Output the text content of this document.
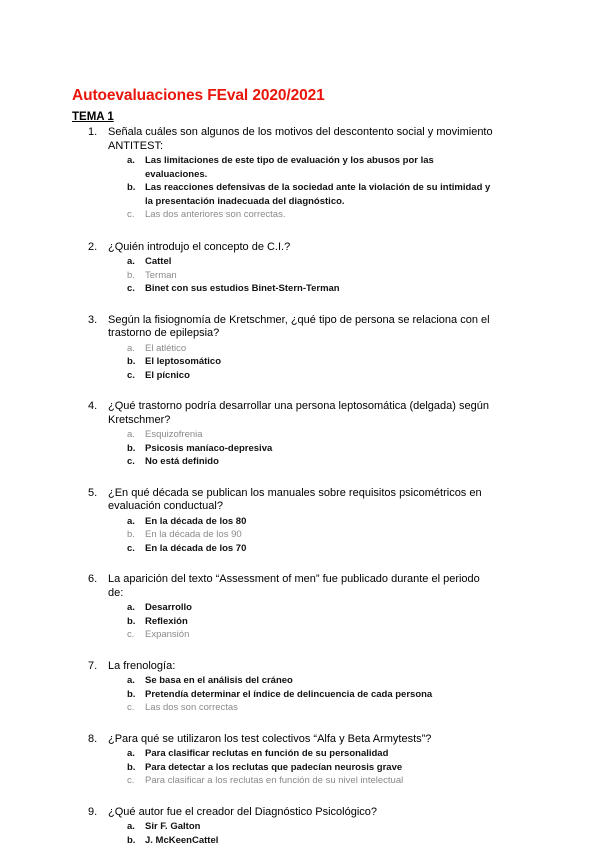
Autoevaluaciones FEval 2020/2021
TEMA 1
1. Señala cuáles son algunos de los motivos del descontento social y movimiento ANTITEST:
a. Las limitaciones de este tipo de evaluación y los abusos por las evaluaciones.
b. Las reacciones defensivas de la sociedad ante la violación de su intimidad y la presentación inadecuada del diagnóstico.
c. Las dos anteriores son correctas.
2. ¿Quién introdujo el concepto de C.I.?
a. Cattel
b. Terman
c. Binet con sus estudios Binet-Stern-Terman
3. Según la fisiognomía de Kretschmer, ¿qué tipo de persona se relaciona con el trastorno de epilepsia?
a. El atlético
b. El leptosomático
c. El pícnico
4. ¿Qué trastorno podría desarrollar una persona leptosomática (delgada) según Kretschmer?
a. Esquizofrenia
b. Psicosis maníaco-depresiva
c. No está definido
5. ¿En qué década se publican los manuales sobre requisitos psicométricos en evaluación conductual?
a. En la década de los 80
b. En la década de los 90
c. En la década de los 70
6. La aparición del texto “Assessment of men” fue publicado durante el periodo de:
a. Desarrollo
b. Reflexión
c. Expansión
7. La frenología:
a. Se basa en el análisis del cráneo
b. Pretendía determinar el índice de delincuencia de cada persona
c. Las dos son correctas
8. ¿Para qué se utilizaron los test colectivos “Alfa y Beta Armytests”?
a. Para clasificar reclutas en función de su personalidad
b. Para detectar a los reclutas que padecían neurosis grave
c. Para clasificar a los reclutas en función de su nivel intelectual
9. ¿Qué autor fue el creador del Diagnóstico Psicológico?
a. Sir F. Galton
b. J. McKeenCattel
